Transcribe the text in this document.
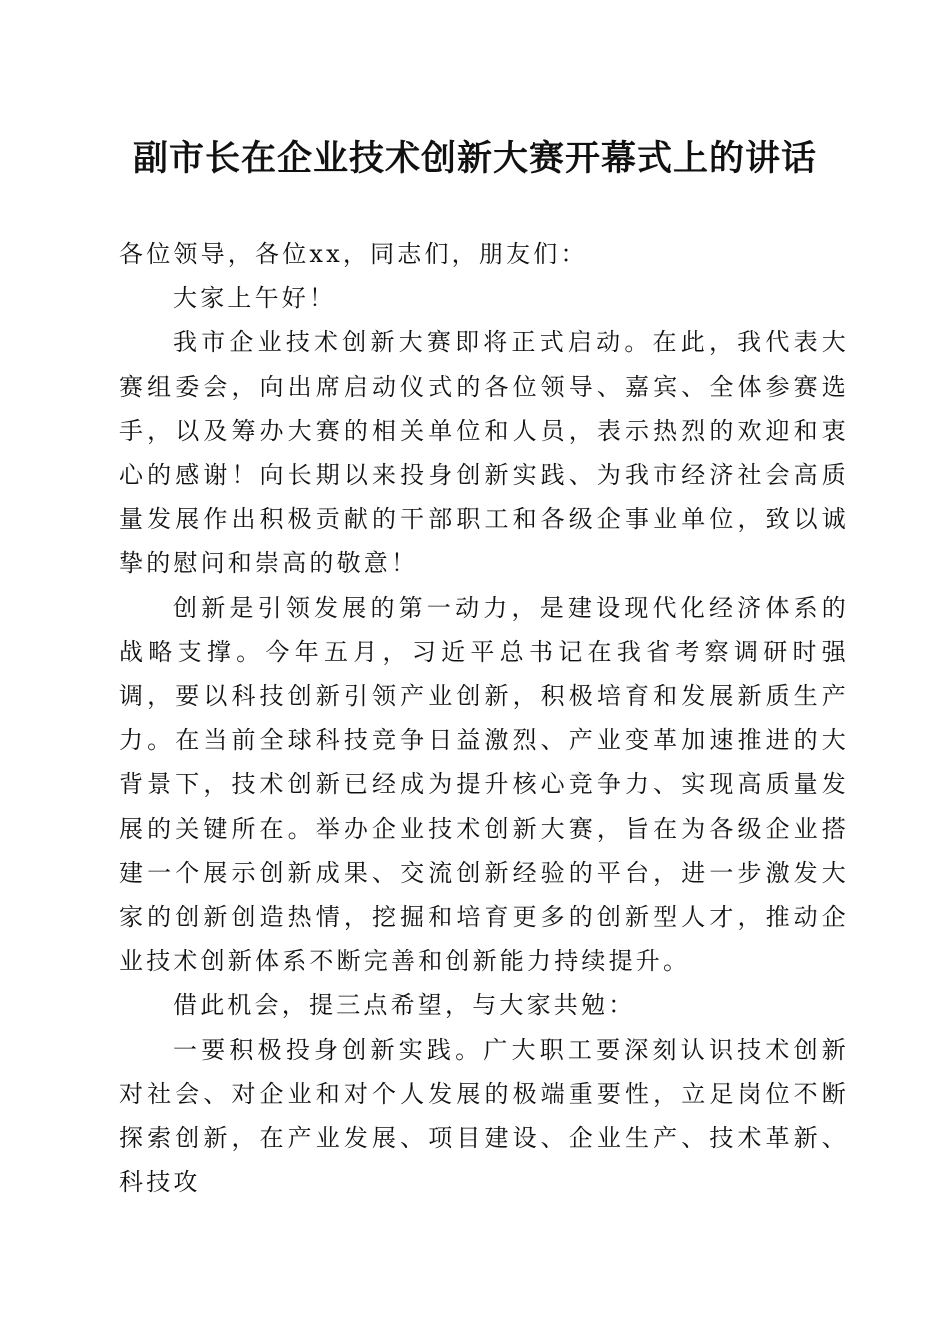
副市长在企业技术创新大赛开幕式上的讲话

各位领导，各位xx，同志们，朋友们：

大家上午好！

我市企业技术创新大赛即将正式启动。在此，我代表大赛组委会，向出席启动仪式的各位领导、嘉宾、全体参赛选手，以及筹办大赛的相关单位和人员，表示热烈的欢迎和衷心的感谢！向长期以来投身创新实践、为我市经济社会高质量发展作出积极贡献的干部职工和各级企事业单位，致以诚挚的慰问和崇高的敬意！

创新是引领发展的第一动力，是建设现代化经济体系的战略支撑。今年五月，习近平总书记在我省考察调研时强调，要以科技创新引领产业创新，积极培育和发展新质生产力。在当前全球科技竞争日益激烈、产业变革加速推进的大背景下，技术创新已经成为提升核心竞争力、实现高质量发展的关键所在。举办企业技术创新大赛，旨在为各级企业搭建一个展示创新成果、交流创新经验的平台，进一步激发大家的创新创造热情，挖掘和培育更多的创新型人才，推动企业技术创新体系不断完善和创新能力持续提升。

借此机会，提三点希望，与大家共勉：

一要积极投身创新实践。广大职工要深刻认识技术创新对社会、对企业和对个人发展的极端重要性，立足岗位不断探索创新，在产业发展、项目建设、企业生产、技术革新、科技攻
